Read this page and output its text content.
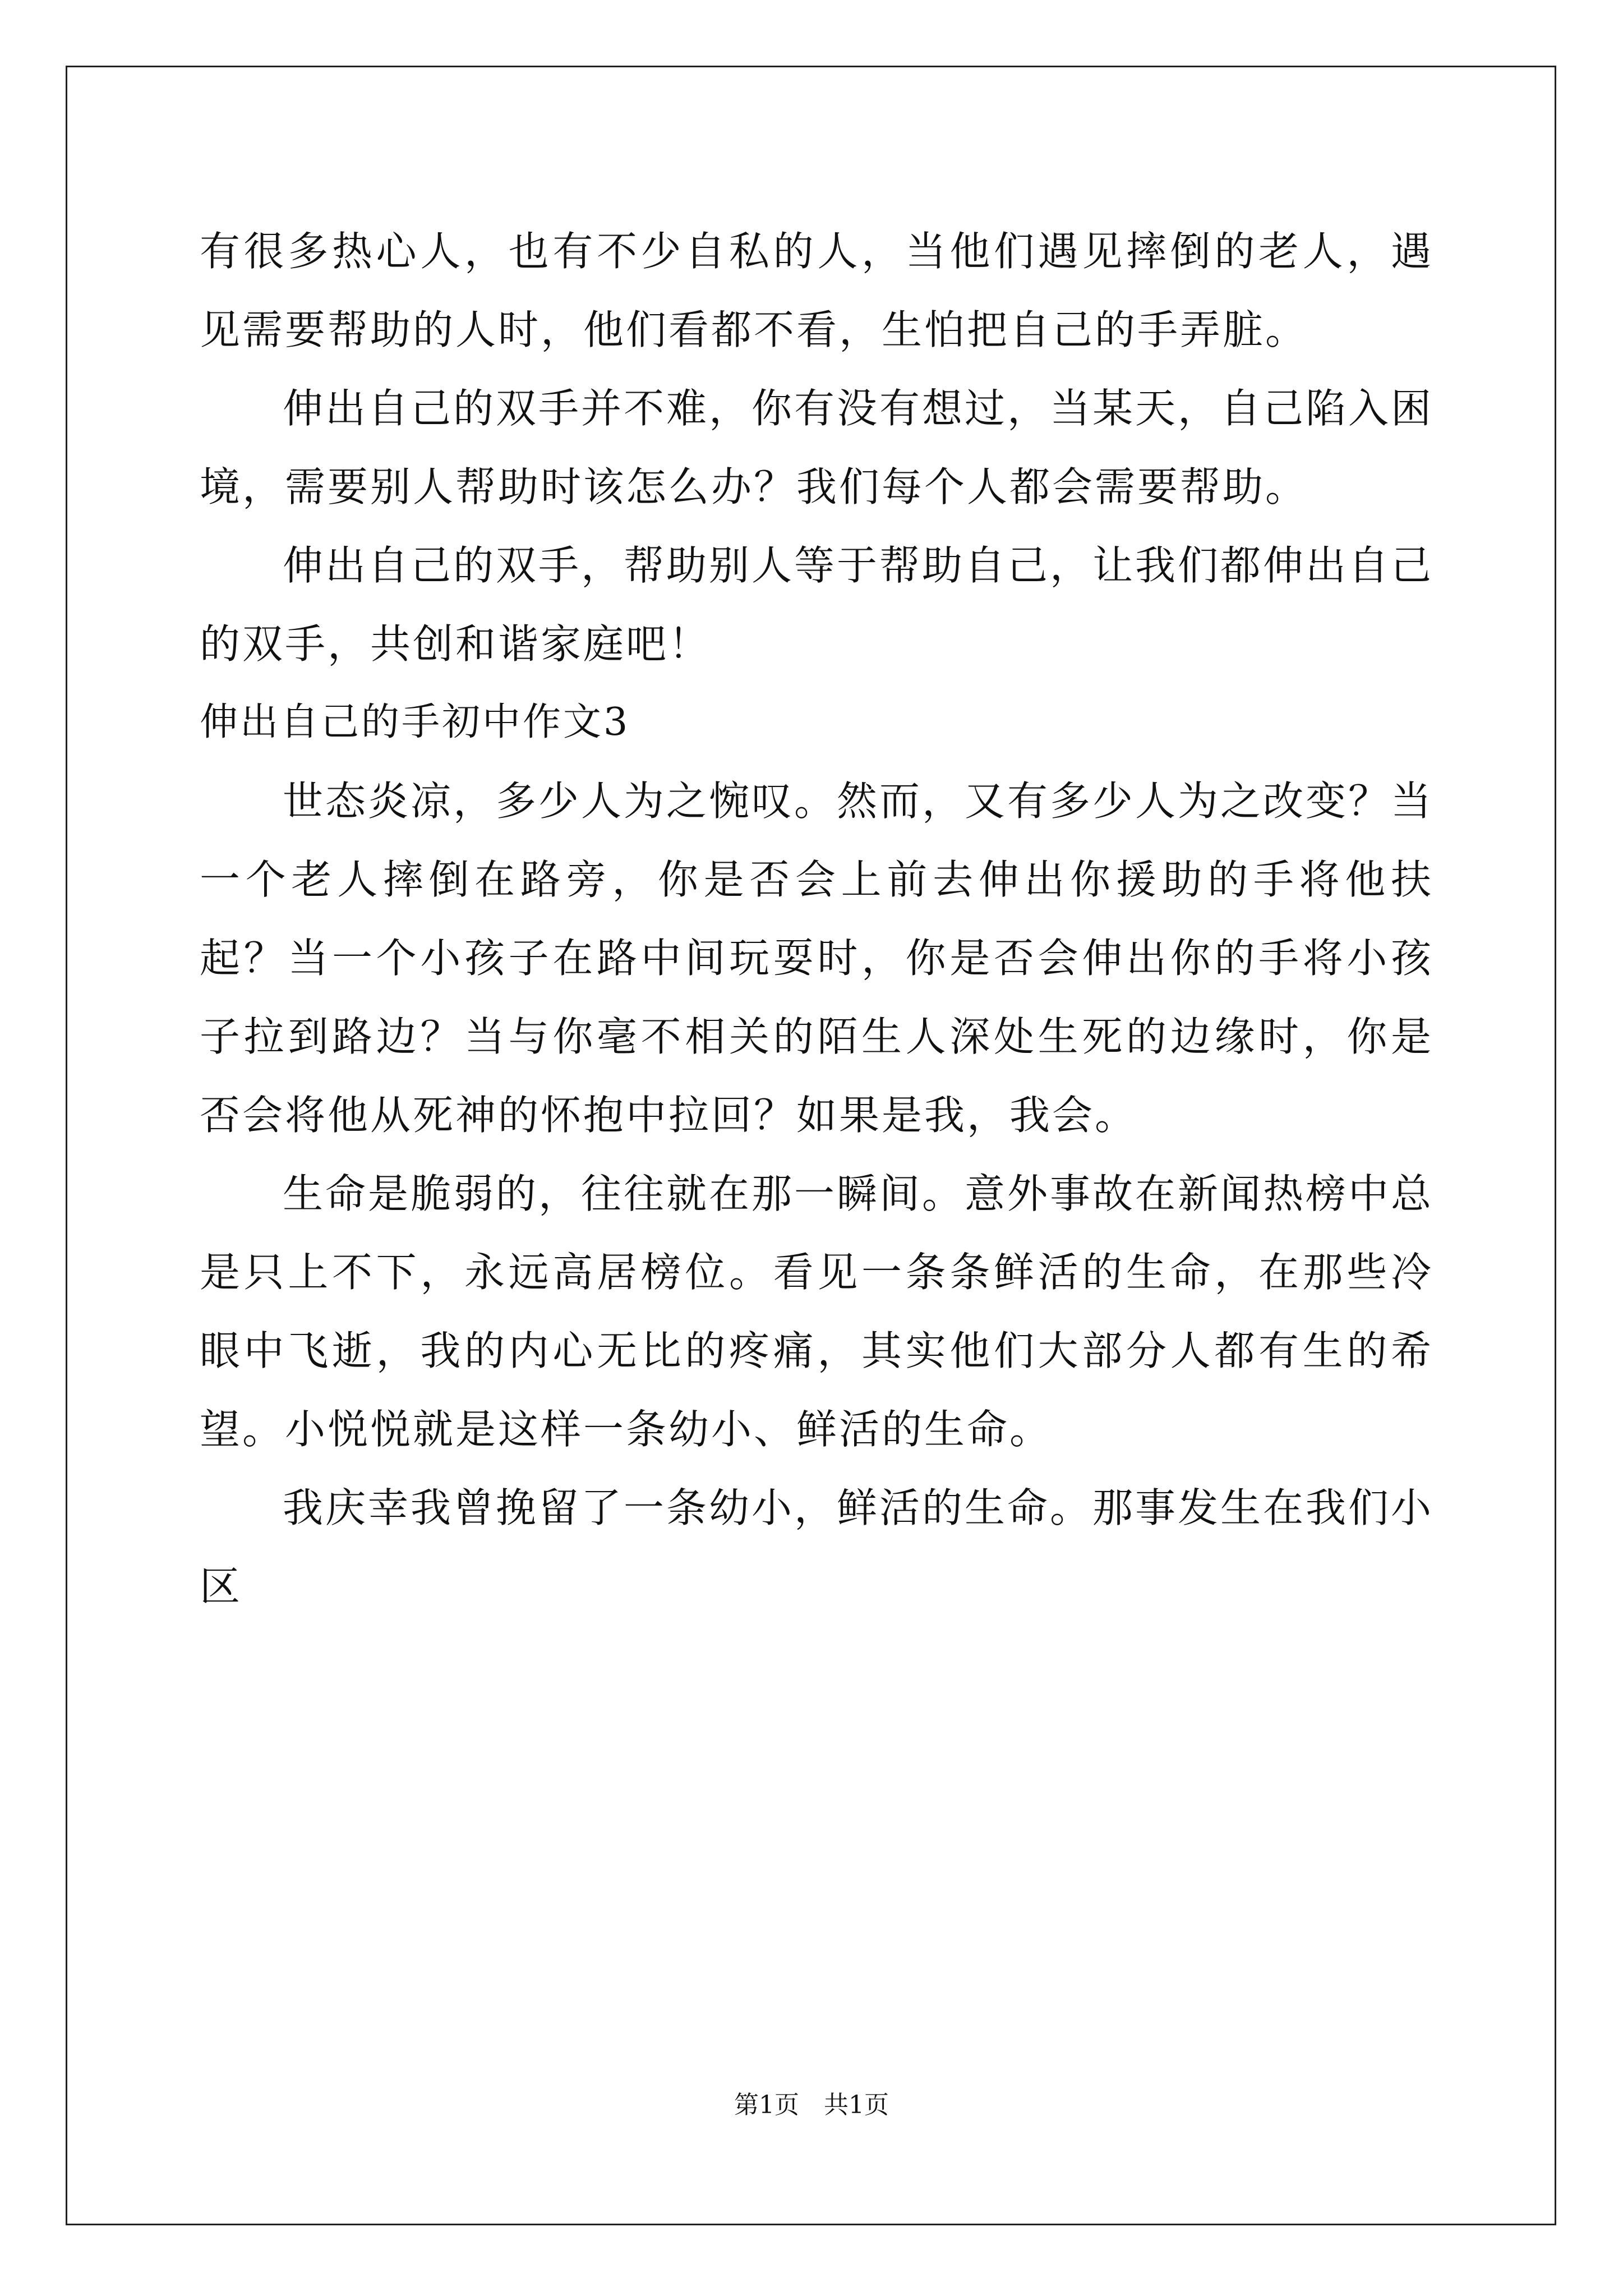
有很多热心人，也有不少自私的人，当他们遇见摔倒的老人，遇见需要帮助的人时，他们看都不看，生怕把自己的手弄脏。

伸出自己的双手并不难，你有没有想过，当某天，自己陷入困境，需要别人帮助时该怎么办？我们每个人都会需要帮助。

伸出自己的双手，帮助别人等于帮助自己，让我们都伸出自己的双手，共创和谐家庭吧！

伸出自己的手初中作文3

世态炎凉，多少人为之惋叹。然而，又有多少人为之改变？当一个老人摔倒在路旁，你是否会上前去伸出你援助的手将他扶起？当一个小孩子在路中间玩耍时，你是否会伸出你的手将小孩子拉到路边？当与你毫不相关的陌生人深处生死的边缘时，你是否会将他从死神的怀抱中拉回？如果是我，我会。

生命是脆弱的，往往就在那一瞬间。意外事故在新闻热榜中总是只上不下，永远高居榜位。看见一条条鲜活的生命，在那些冷眼中飞逝，我的内心无比的疼痛，其实他们大部分人都有生的希望。小悦悦就是这样一条幼小、鲜活的生命。

我庆幸我曾挽留了一条幼小，鲜活的生命。那事发生在我们小区

第1页　共1页
